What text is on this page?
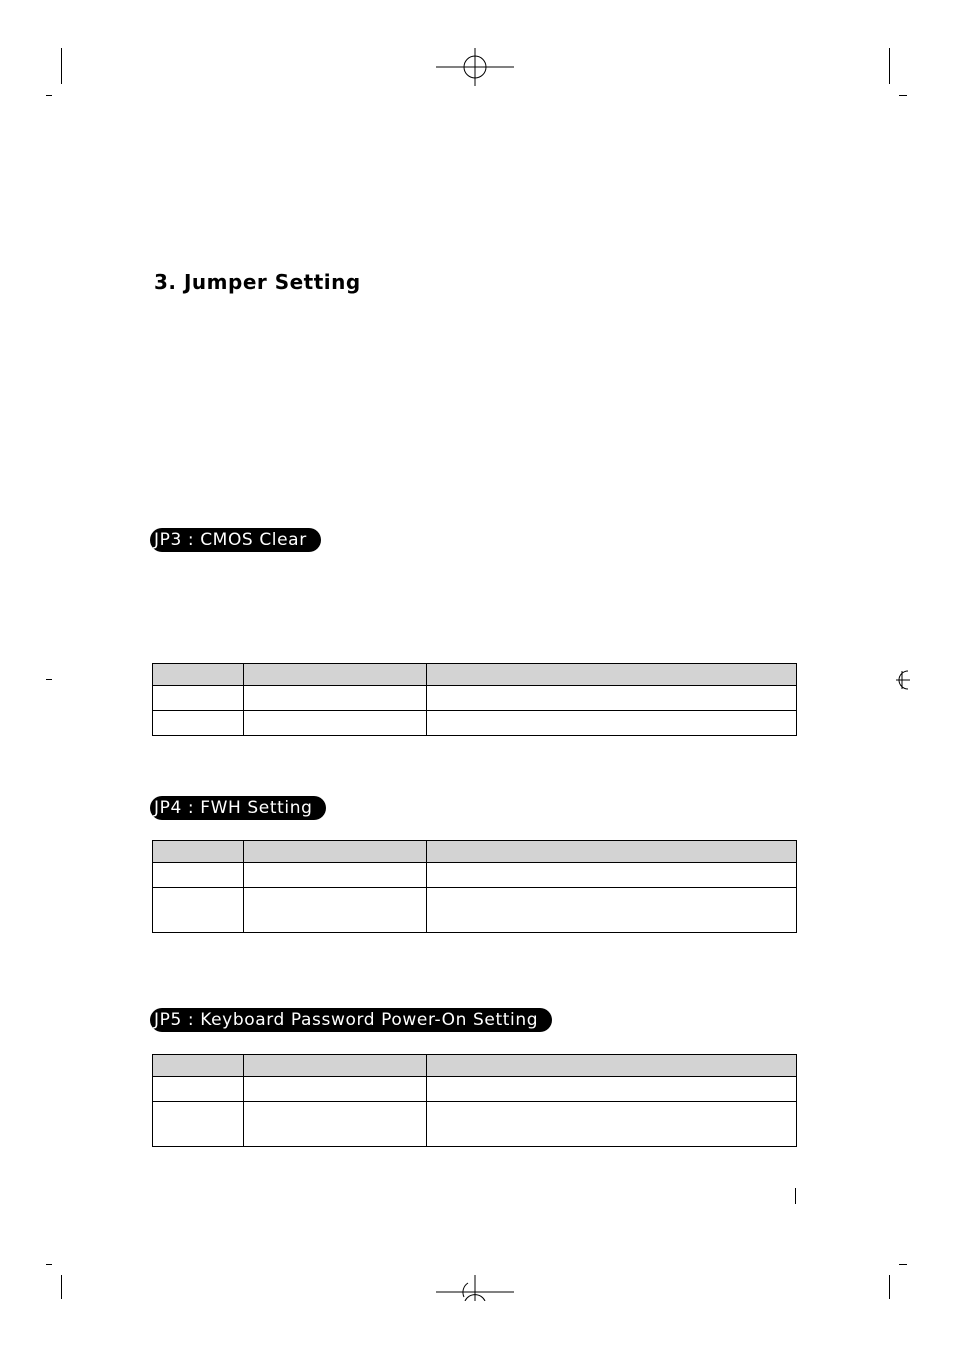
3. Jumper Setting
JP3 : CMOS Clear

JP4 : FWH Setting

JP5 : Keyboard Password Power-On Setting
